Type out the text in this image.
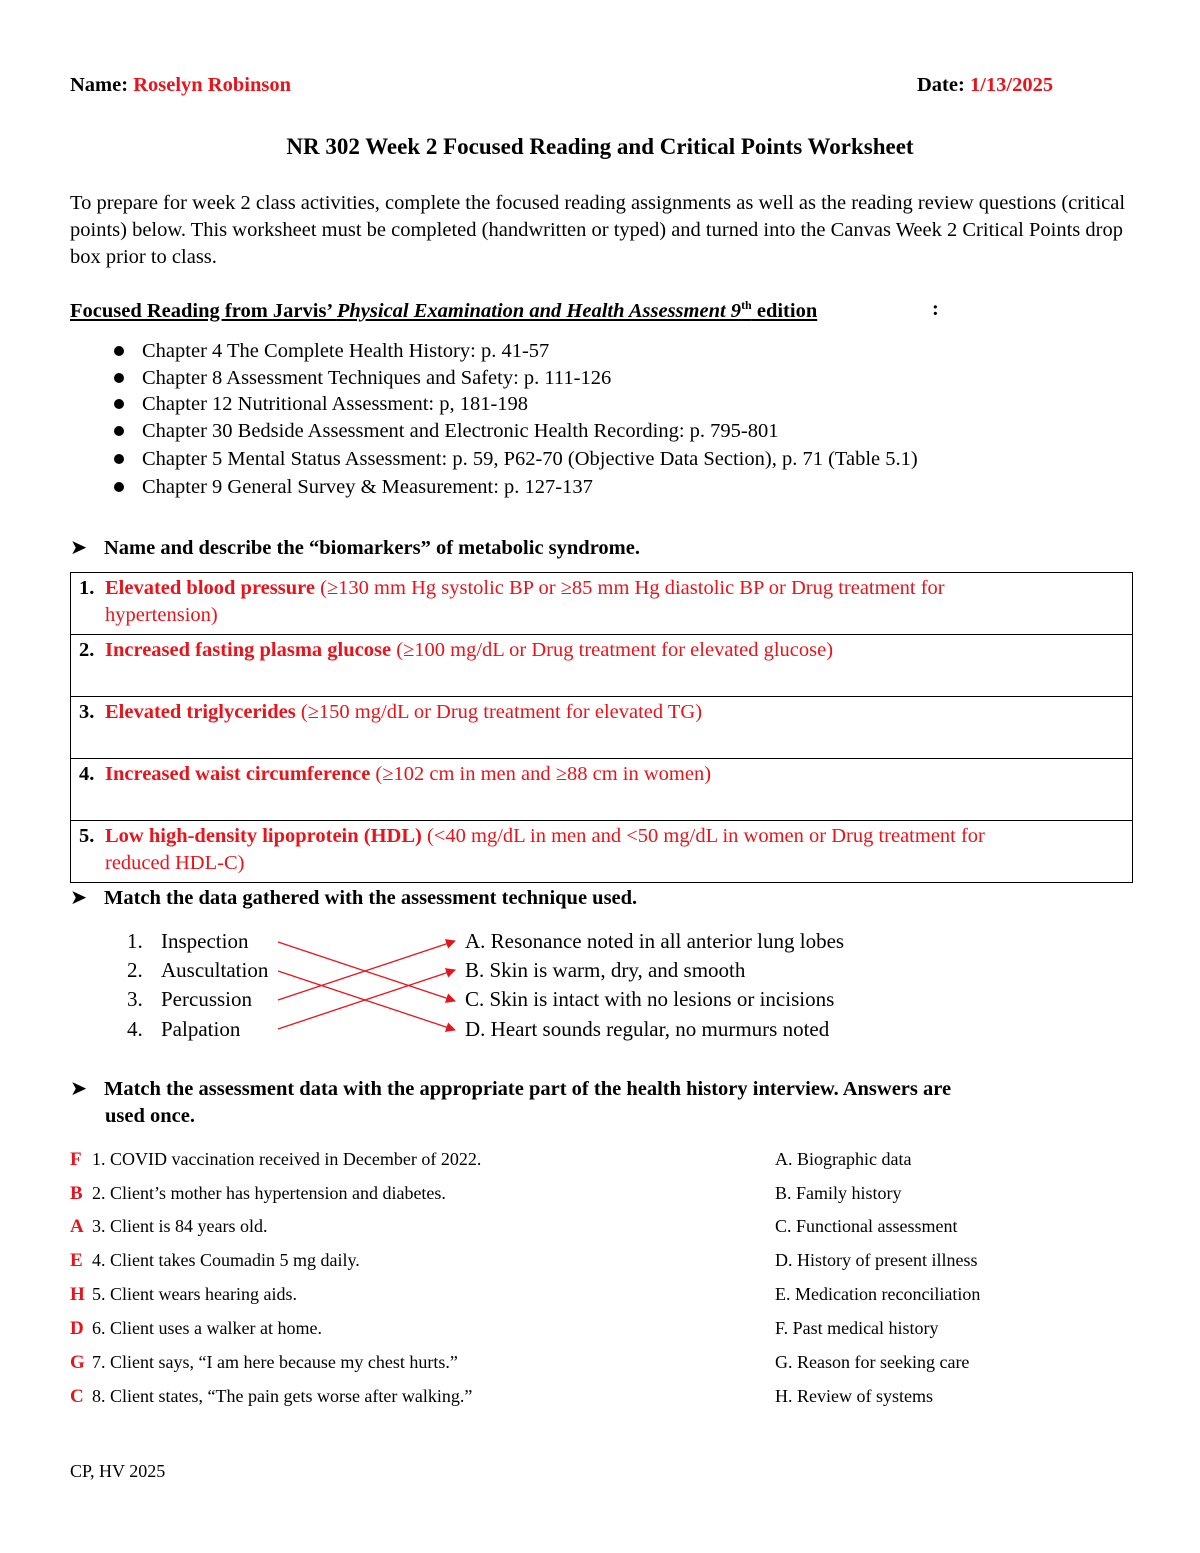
Name: Roselyn Robinson	Date: 1/13/2025
NR 302 Week 2 Focused Reading and Critical Points Worksheet
To prepare for week 2 class activities, complete the focused reading assignments as well as the reading review questions (critical points) below. This worksheet must be completed (handwritten or typed) and turned into the Canvas Week 2 Critical Points drop box prior to class.
Focused Reading from Jarvis’ Physical Examination and Health Assessment 9th edition	:
Chapter 4 The Complete Health History: p. 41-57
Chapter 8 Assessment Techniques and Safety: p. 111-126
Chapter 12 Nutritional Assessment: p, 181-198
Chapter 30 Bedside Assessment and Electronic Health Recording: p. 795-801
Chapter 5 Mental Status Assessment: p. 59, P62-70 (Objective Data Section), p. 71 (Table 5.1)
Chapter 9 General Survey & Measurement: p. 127-137
➤ Name and describe the “biomarkers” of metabolic syndrome.
1. Elevated blood pressure (≥130 mm Hg systolic BP or ≥85 mm Hg diastolic BP or Drug treatment for
hypertension)

2. Increased fasting plasma glucose (≥100 mg/dL or Drug treatment for elevated glucose)
3. Elevated triglycerides (≥150 mg/dL or Drug treatment for elevated TG)
4. Increased waist circumference (≥102 cm in men and ≥88 cm in women)
5. Low high-density lipoprotein (HDL) (<40 mg/dL in men and <50 mg/dL in women or Drug treatment for
reduced HDL-C)
➤ Match the data gathered with the assessment technique used.
1. Inspection
2. Auscultation
3. Percussion
4. Palpation
A. Resonance noted in all anterior lung lobes
B. Skin is warm, dry, and smooth
C. Skin is intact with no lesions or incisions
D. Heart sounds regular, no murmurs noted
➤ Match the assessment data with the appropriate part of the health history interview. Answers are
used once.
F 1. COVID vaccination received in December of 2022.
B 2. Client’s mother has hypertension and diabetes.
A 3. Client is 84 years old.
E 4. Client takes Coumadin 5 mg daily.
H 5. Client wears hearing aids.
D 6. Client uses a walker at home.
G 7. Client says, “I am here because my chest hurts.”
C 8. Client states, “The pain gets worse after walking.”
A. Biographic data
B. Family history
C. Functional assessment
D. History of present illness
E. Medication reconciliation
F. Past medical history
G. Reason for seeking care
H. Review of systems
CP, HV 2025
